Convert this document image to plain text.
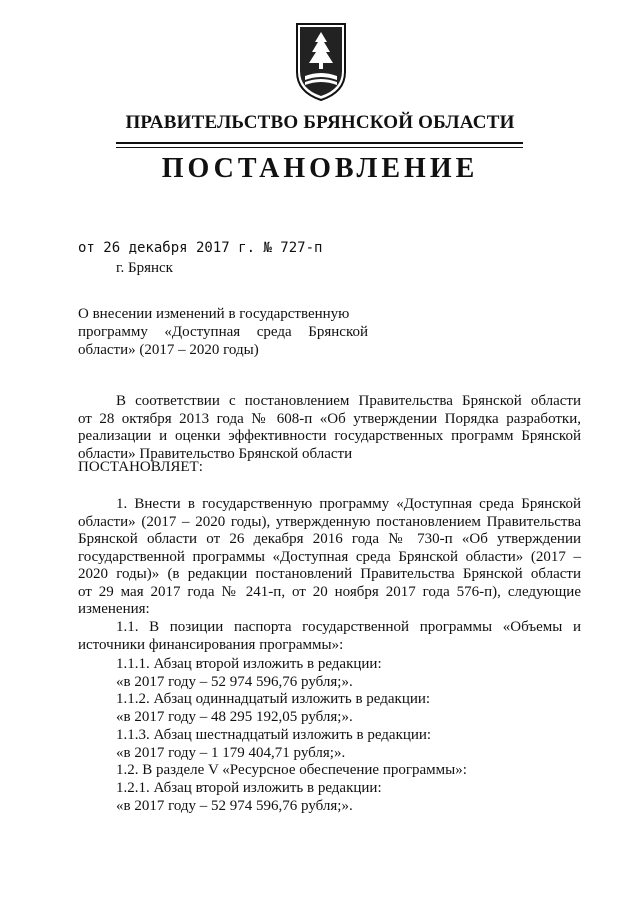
ПРАВИТЕЛЬСТВО БРЯНСКОЙ ОБЛАСТИ
ПОСТАНОВЛЕНИЕ
от 26 декабря 2017 г. № 727-п
г. Брянск
О внесении изменений в государственную
программу «Доступная среда Брянской
области» (2017 – 2020 годы)
В соответствии с постановлением Правительства Брянской области
от 28 октября 2013 года № 608-п «Об утверждении Порядка разработки,
реализации и оценки эффективности государственных программ Брянской
области» Правительство Брянской области
ПОСТАНОВЛЯЕТ:
1. Внести в государственную программу «Доступная среда Брянской
области» (2017 – 2020 годы), утвержденную постановлением Правительства
Брянской области от 26 декабря 2016 года № 730-п «Об утверждении
государственной программы «Доступная среда Брянской области» (2017 –
2020 годы)» (в редакции постановлений Правительства Брянской области
от 29 мая 2017 года № 241-п, от 20 ноября 2017 года 576-п), следующие
изменения:
1.1. В позиции паспорта государственной программы «Объемы и
источники финансирования программы»:
1.1.1. Абзац второй изложить в редакции:
«в 2017 году – 52 974 596,76 рубля;».
1.1.2. Абзац одиннадцатый изложить в редакции:
«в 2017 году – 48 295 192,05 рубля;».
1.1.3. Абзац шестнадцатый изложить в редакции:
«в 2017 году – 1 179 404,71 рубля;».
1.2. В разделе V «Ресурсное обеспечение программы»:
1.2.1. Абзац второй изложить в редакции:
«в 2017 году – 52 974 596,76 рубля;».
